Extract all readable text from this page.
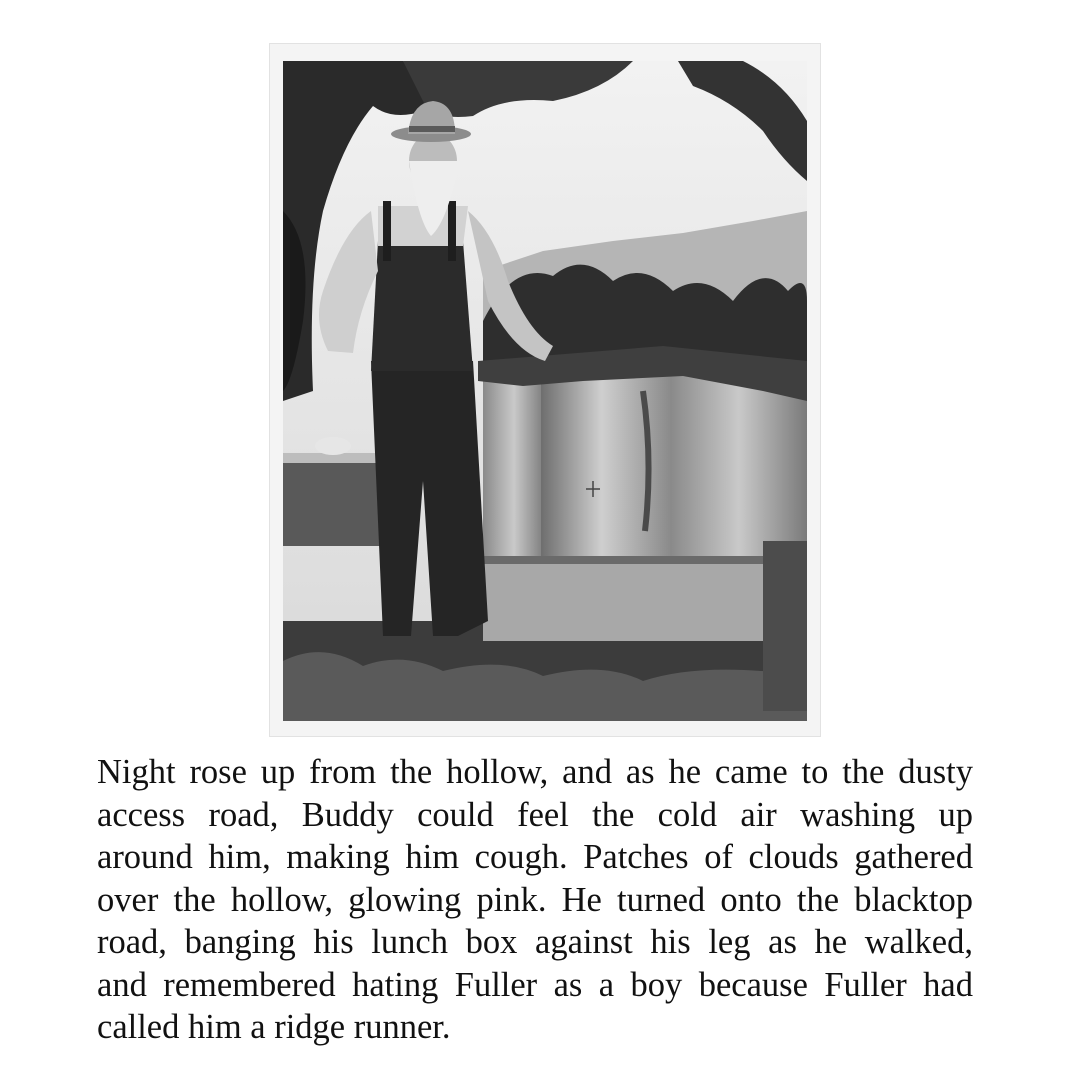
Night rose up from the hollow, and as he came to the dusty
access road, Buddy could feel the cold air washing up
around him, making him cough. Patches of clouds gathered
over the hollow, glowing pink. He turned onto the blacktop
road, banging his lunch box against his leg as he walked,
and remembered hating Fuller as a boy because Fuller had
called him a ridge runner.
